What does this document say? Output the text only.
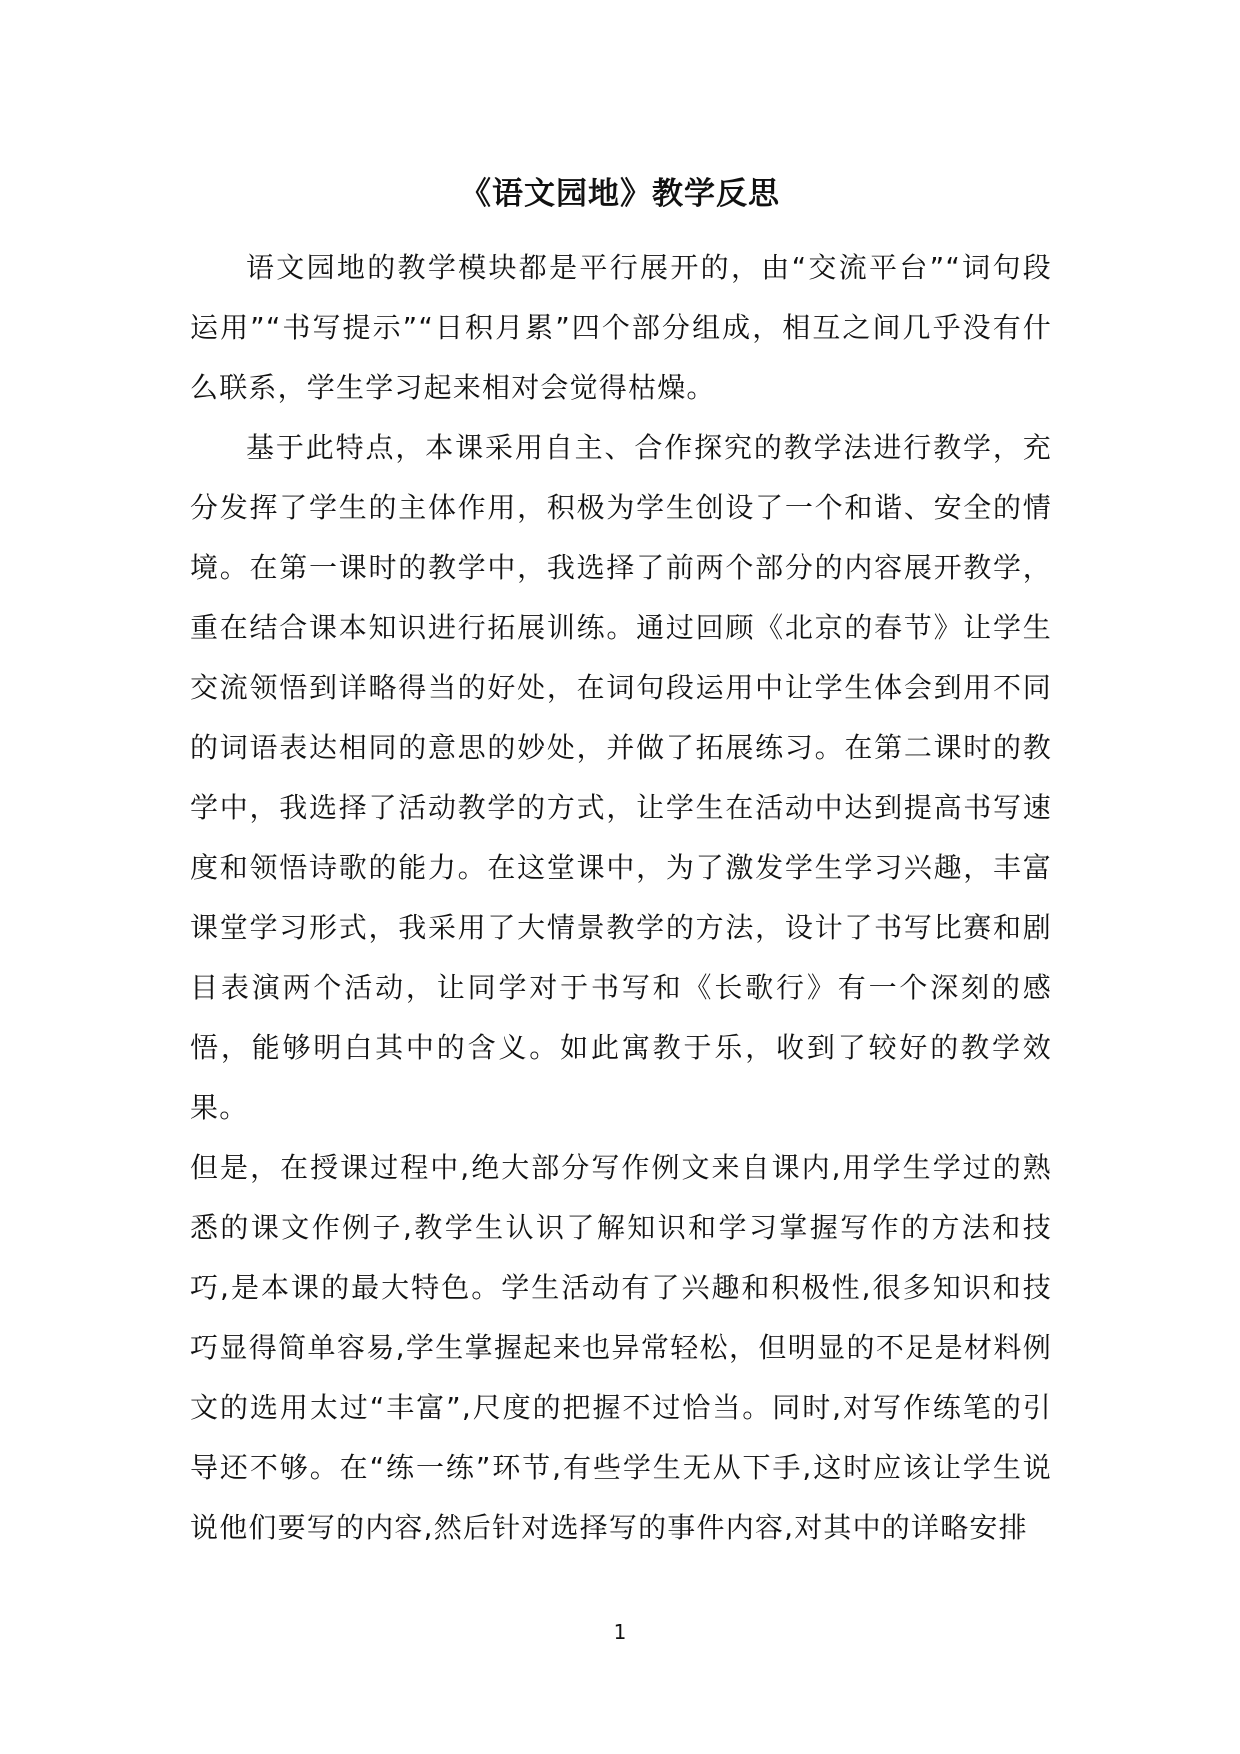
《语文园地》教学反思
语文园地的教学模块都是平行展开的，由“交流平台”“词句段运用”“书写提示”“日积月累”四个部分组成，相互之间几乎没有什么联系，学生学习起来相对会觉得枯燥。
基于此特点，本课采用自主、合作探究的教学法进行教学，充分发挥了学生的主体作用，积极为学生创设了一个和谐、安全的情境。在第一课时的教学中，我选择了前两个部分的内容展开教学，重在结合课本知识进行拓展训练。通过回顾《北京的春节》让学生交流领悟到详略得当的好处，在词句段运用中让学生体会到用不同的词语表达相同的意思的妙处，并做了拓展练习。在第二课时的教学中，我选择了活动教学的方式，让学生在活动中达到提高书写速度和领悟诗歌的能力。在这堂课中，为了激发学生学习兴趣，丰富课堂学习形式，我采用了大情景教学的方法，设计了书写比赛和剧目表演两个活动，让同学对于书写和《长歌行》有一个深刻的感悟，能够明白其中的含义。如此寓教于乐，收到了较好的教学效果。
但是，在授课过程中,绝大部分写作例文来自课内,用学生学过的熟悉的课文作例子,教学生认识了解知识和学习掌握写作的方法和技巧,是本课的最大特色。学生活动有了兴趣和积极性,很多知识和技巧显得简单容易,学生掌握起来也异常轻松，但明显的不足是材料例文的选用太过“丰富”,尺度的把握不过恰当。同时,对写作练笔的引导还不够。在“练一练”环节,有些学生无从下手,这时应该让学生说说他们要写的内容,然后针对选择写的事件内容,对其中的详略安排
1
